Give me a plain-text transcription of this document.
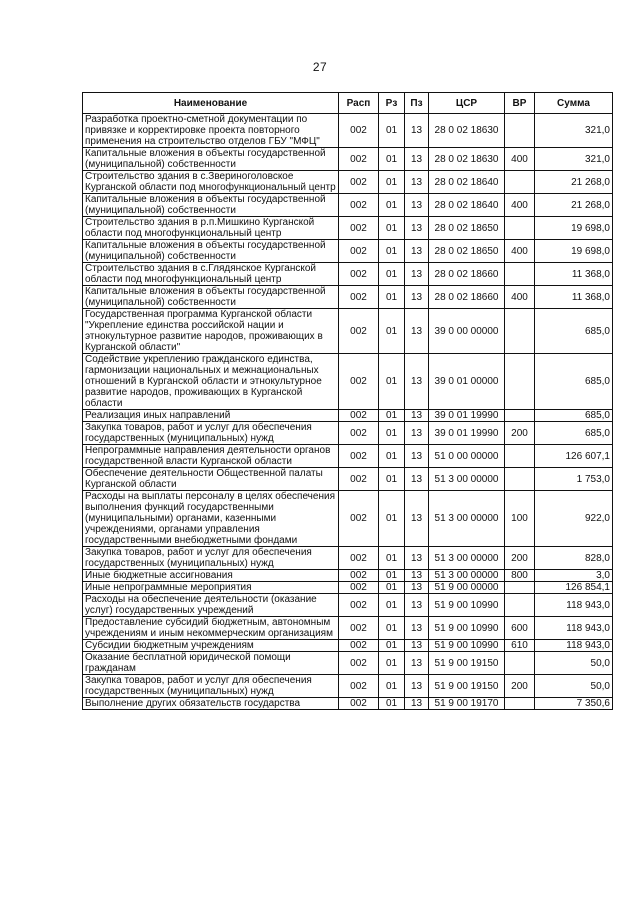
27
Наименование	Расп	Рз	Пз	ЦСР	ВР	Сумма
Разработка проектно-сметной документации по привязке и корректировке проекта повторного применения на строительство отделов ГБУ "МФЦ"	002	01	13	28 0 02 18630		321,0
Капитальные вложения в объекты государственной (муниципальной) собственности	002	01	13	28 0 02 18630	400	321,0
Строительство здания в с.Звериноголовское Курганской области под многофункциональный центр	002	01	13	28 0 02 18640		21 268,0
Капитальные вложения в объекты государственной (муниципальной) собственности	002	01	13	28 0 02 18640	400	21 268,0
Строительство здания в р.п.Мишкино Курганской области под многофункциональный центр	002	01	13	28 0 02 18650		19 698,0
Капитальные вложения в объекты государственной (муниципальной) собственности	002	01	13	28 0 02 18650	400	19 698,0
Строительство здания в с.Глядянское Курганской области под многофункциональный центр	002	01	13	28 0 02 18660		11 368,0
Капитальные вложения в объекты государственной (муниципальной) собственности	002	01	13	28 0 02 18660	400	11 368,0
Государственная программа Курганской области "Укрепление единства российской нации и этнокультурное развитие народов, проживающих в Курганской области"	002	01	13	39 0 00 00000		685,0
Содействие укреплению гражданского единства, гармонизации национальных и межнациональных отношений в Курганской области и этнокультурное развитие народов, проживающих в Курганской области	002	01	13	39 0 01 00000		685,0
Реализация иных направлений	002	01	13	39 0 01 19990		685,0
Закупка товаров, работ и услуг для обеспечения государственных (муниципальных) нужд	002	01	13	39 0 01 19990	200	685,0
Непрограммные направления деятельности органов государственной власти Курганской области	002	01	13	51 0 00 00000		126 607,1
Обеспечение деятельности Общественной палаты Курганской области	002	01	13	51 3 00 00000		1 753,0
Расходы на выплаты персоналу в целях обеспечения выполнения функций государственными (муниципальными) органами, казенными учреждениями, органами управления государственными внебюджетными фондами	002	01	13	51 3 00 00000	100	922,0
Закупка товаров, работ и услуг для обеспечения государственных (муниципальных) нужд	002	01	13	51 3 00 00000	200	828,0
Иные бюджетные ассигнования	002	01	13	51 3 00 00000	800	3,0
Иные непрограммные мероприятия	002	01	13	51 9 00 00000		126 854,1
Расходы на обеспечение деятельности (оказание услуг) государственных учреждений	002	01	13	51 9 00 10990		118 943,0
Предоставление субсидий бюджетным, автономным учреждениям и иным некоммерческим организациям	002	01	13	51 9 00 10990	600	118 943,0
Субсидии бюджетным учреждениям	002	01	13	51 9 00 10990	610	118 943,0
Оказание бесплатной юридической помощи гражданам	002	01	13	51 9 00 19150		50,0
Закупка товаров, работ и услуг для обеспечения государственных (муниципальных) нужд	002	01	13	51 9 00 19150	200	50,0
Выполнение других обязательств государства	002	01	13	51 9 00 19170		7 350,6
